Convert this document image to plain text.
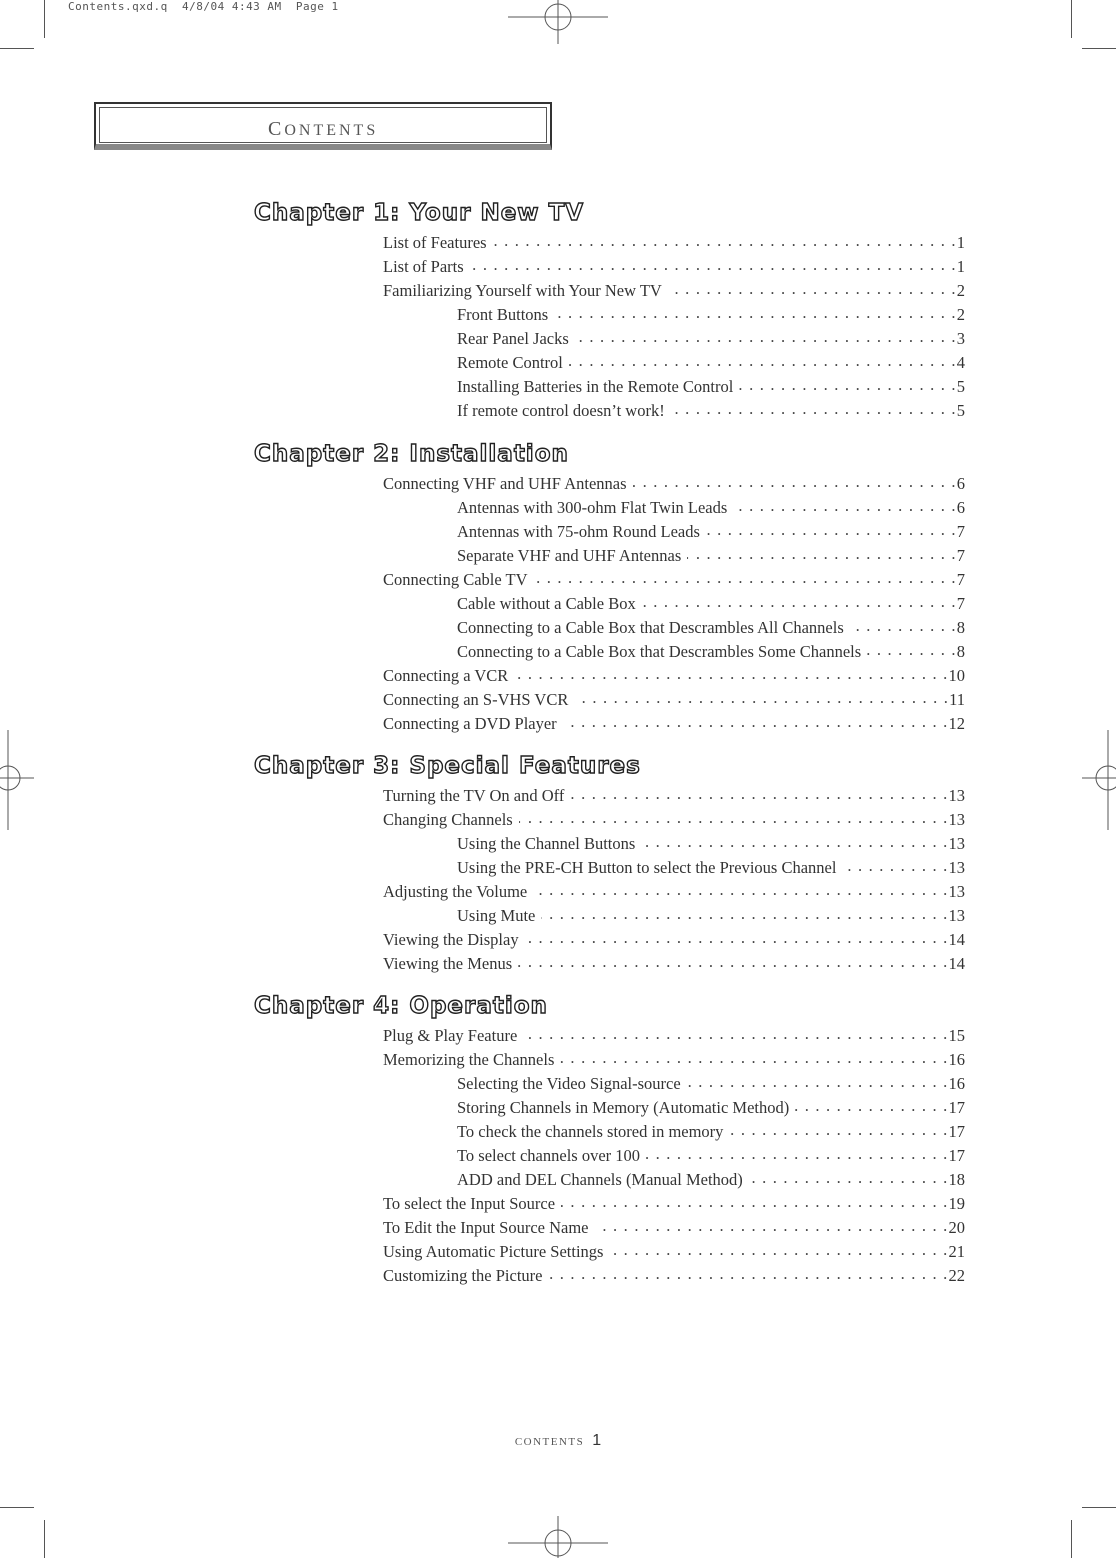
Contents.qxd.q  4/8/04 4:43 AM  Page 1
CONTENTS
Chapter 1: Your New TV
List of Features . . .	1
List of Parts . . .	1
Familiarizing Yourself with Your New TV . . .	2
Front Buttons . . .	2
Rear Panel Jacks . . .	3
Remote Control . . .	4
Installing Batteries in the Remote Control . . .	5
If remote control doesn’t work! . . .	5
Chapter 2: Installation
Connecting VHF and UHF Antennas . . .	6
Antennas with 300-ohm Flat Twin Leads . . .	6
Antennas with 75-ohm Round Leads . . .	7
Separate VHF and UHF Antennas . . .	7
Connecting Cable TV . . .	7
Cable without a Cable Box . . .	7
Connecting to a Cable Box that Descrambles All Channels . . .	8
Connecting to a Cable Box that Descrambles Some Channels . . .	8
Connecting a VCR . . .	10
Connecting an S-VHS VCR . . .	11
Connecting a DVD Player . . .	12
Chapter 3: Special Features
Turning the TV On and Off . . .	13
Changing Channels . . .	13
Using the Channel Buttons . . .	13
Using the PRE-CH Button to select the Previous Channel . . .	13
Adjusting the Volume . . .	13
Using Mute . . .	13
Viewing the Display . . .	14
Viewing the Menus . . .	14
Chapter 4: Operation
Plug & Play Feature . . .	15
Memorizing the Channels . . .	16
Selecting the Video Signal-source . . .	16
Storing Channels in Memory (Automatic Method) . . .	17
To check the channels stored in memory . . .	17
To select channels over 100 . . .	17
ADD and DEL Channels (Manual Method) . . .	18
To select the Input Source . . .	19
To Edit the Input Source Name . . .	20
Using Automatic Picture Settings . . .	21
Customizing the Picture . . .	22
CONTENTS 1
